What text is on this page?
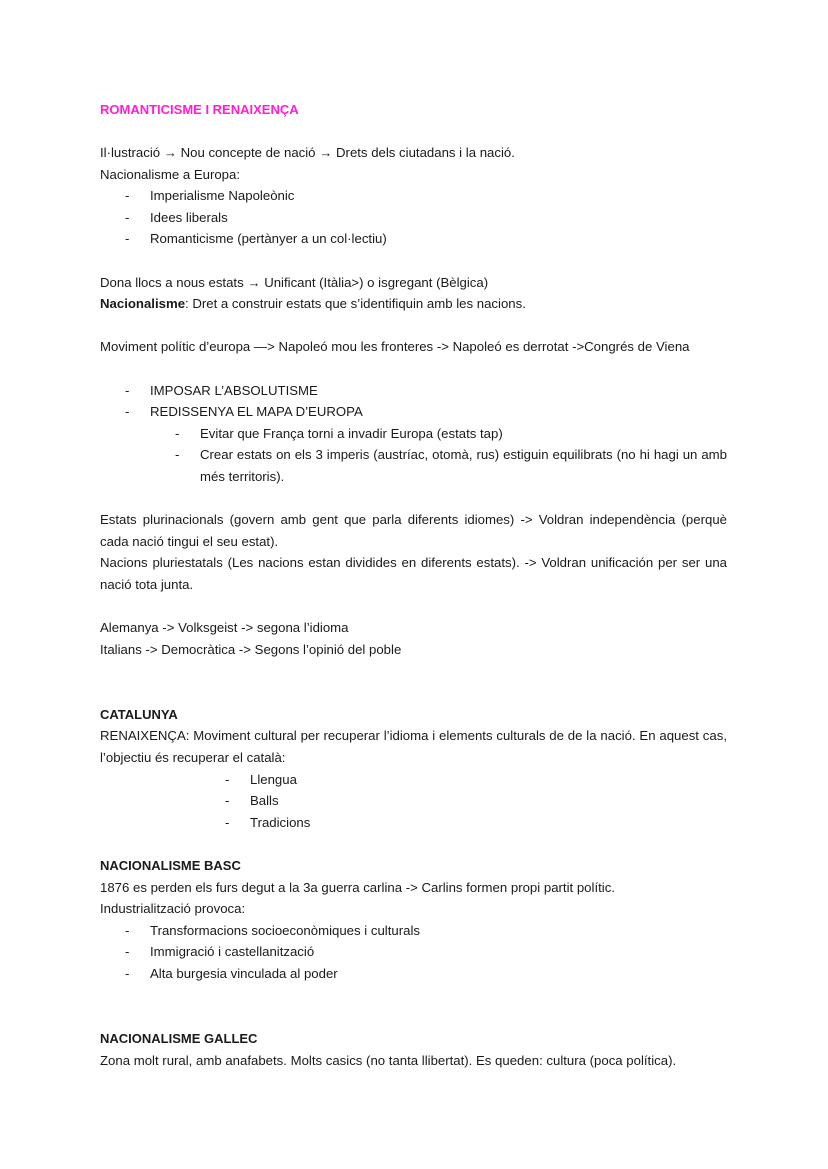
ROMANTICISME I RENAIXENÇA

Il·lustració → Nou concepte de nació → Drets dels ciutadans i la nació.

Nacionalisme a Europa:

- Imperialisme Napoleònic
- Idees liberals
- Romanticisme (pertànyer a un col·lectiu)

Dona llocs a nous estats → Unificant (Itàlia>) o isgregant (Bèlgica)

Nacionalisme: Dret a construir estats que s’identifiquin amb les nacions.

Moviment polític d’europa —> Napoleó mou les fronteres -> Napoleó es derrotat ->Congrés de Viena

- IMPOSAR L’ABSOLUTISME
- REDISSENYA EL MAPA D’EUROPA
- Evitar que França torni a invadir Europa (estats tap)
- Crear estats on els 3 imperis (austríac, otomà, rus) estiguin equilibrats (no hi hagi un amb més territoris).

Estats plurinacionals (govern amb gent que parla diferents idiomes) -> Voldran independència (perquè cada nació tingui el seu estat).

Nacions pluriestatals (Les nacions estan dividides en diferents estats). -> Voldran unificación per ser una nació tota junta.

Alemanya -> Volksgeist -> segona l’idioma

Italians -> Democràtica -> Segons l’opinió del poble

CATALUNYA

RENAIXENÇA: Moviment cultural per recuperar l’idioma i elements culturals de de la nació. En aquest cas, l’objectiu és recuperar el català:

- Llengua
- Balls
- Tradicions

NACIONALISME BASC

1876 es perden els furs degut a la 3a guerra carlina -> Carlins formen propi partit polític.

Industrialització provoca:

- Transformacions socioeconòmiques i culturals
- Immigració i castellanització
- Alta burgesia vinculada al poder

NACIONALISME GALLEC

Zona molt rural, amb anafabets. Molts casics (no tanta llibertat). Es queden: cultura (poca política).
